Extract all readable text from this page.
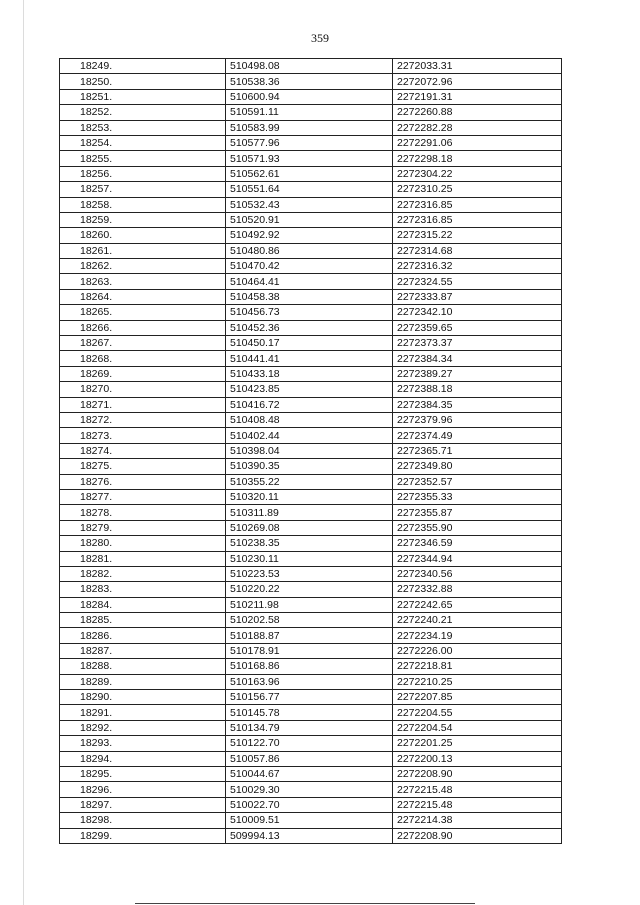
359
18249.	510498.08	2272033.31
18250.	510538.36	2272072.96
18251.	510600.94	2272191.31
18252.	510591.11	2272260.88
18253.	510583.99	2272282.28
18254.	510577.96	2272291.06
18255.	510571.93	2272298.18
18256.	510562.61	2272304.22
18257.	510551.64	2272310.25
18258.	510532.43	2272316.85
18259.	510520.91	2272316.85
18260.	510492.92	2272315.22
18261.	510480.86	2272314.68
18262.	510470.42	2272316.32
18263.	510464.41	2272324.55
18264.	510458.38	2272333.87
18265.	510456.73	2272342.10
18266.	510452.36	2272359.65
18267.	510450.17	2272373.37
18268.	510441.41	2272384.34
18269.	510433.18	2272389.27
18270.	510423.85	2272388.18
18271.	510416.72	2272384.35
18272.	510408.48	2272379.96
18273.	510402.44	2272374.49
18274.	510398.04	2272365.71
18275.	510390.35	2272349.80
18276.	510355.22	2272352.57
18277.	510320.11	2272355.33
18278.	510311.89	2272355.87
18279.	510269.08	2272355.90
18280.	510238.35	2272346.59
18281.	510230.11	2272344.94
18282.	510223.53	2272340.56
18283.	510220.22	2272332.88
18284.	510211.98	2272242.65
18285.	510202.58	2272240.21
18286.	510188.87	2272234.19
18287.	510178.91	2272226.00
18288.	510168.86	2272218.81
18289.	510163.96	2272210.25
18290.	510156.77	2272207.85
18291.	510145.78	2272204.55
18292.	510134.79	2272204.54
18293.	510122.70	2272201.25
18294.	510057.86	2272200.13
18295.	510044.67	2272208.90
18296.	510029.30	2272215.48
18297.	510022.70	2272215.48
18298.	510009.51	2272214.38
18299.	509994.13	2272208.90
